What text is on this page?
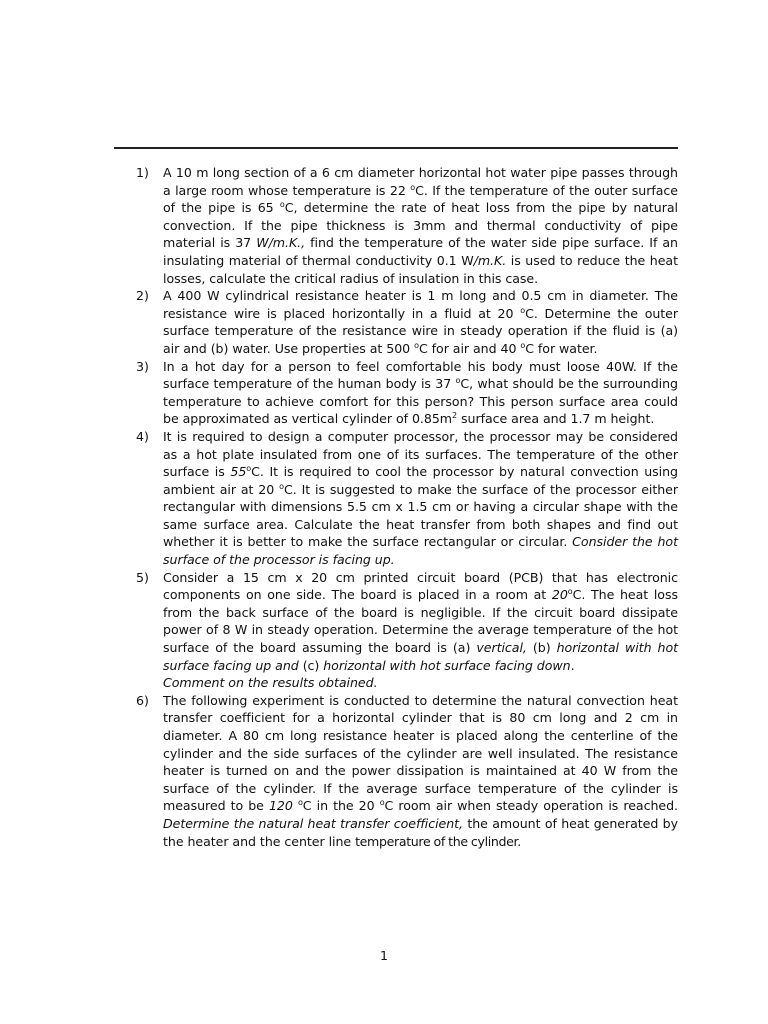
1) A 10 m long section of a 6 cm diameter horizontal hot water pipe passes through a large room whose temperature is 22 $^o$C. If the temperature of the outer surface of the pipe is 65 $^o$C, determine the rate of heat loss from the pipe by natural convection. If the pipe thickness is 3mm and thermal conductivity of pipe material is 37 W/m.K., find the temperature of the water side pipe surface. If an insulating material of thermal conductivity 0.1 W/m.K. is used to reduce the heat losses, calculate the critical radius of insulation in this case.
2) A 400 W cylindrical resistance heater is 1 m long and 0.5 cm in diameter. The resistance wire is placed horizontally in a fluid at 20 $^o$C. Determine the outer surface temperature of the resistance wire in steady operation if the fluid is (a) air and (b) water. Use properties at 500 $^o$C for air and 40 $^o$C for water.
3) In a hot day for a person to feel comfortable his body must loose 40W. If the surface temperature of the human body is 37 $^o$C, what should be the surrounding temperature to achieve comfort for this person? This person surface area could be approximated as vertical cylinder of $0.85m^2$ surface area and 1.7 m height.
4) It is required to design a computer processor, the processor may be considered as a hot plate insulated from one of its surfaces. The temperature of the other surface is 55$^o$C. It is required to cool the processor by natural convection using ambient air at 20 $^o$C. It is suggested to make the surface of the processor either rectangular with dimensions 5.5 cm x 1.5 cm or having a circular shape with the same surface area. Calculate the heat transfer from both shapes and find out whether it is better to make the surface rectangular or circular. Consider the hot surface of the processor is facing up.
5) Consider a 15 cm x 20 cm printed circuit board (PCB) that has electronic components on one side. The board is placed in a room at 20$^o$C. The heat loss from the back surface of the board is negligible. If the circuit board dissipate power of 8 W in steady operation. Determine the average temperature of the hot surface of the board assuming the board is (a) vertical, (b) horizontal with hot surface facing up and (c) horizontal with hot surface facing down.
Comment on the results obtained.
6) The following experiment is conducted to determine the natural convection heat transfer coefficient for a horizontal cylinder that is 80 cm long and 2 cm in diameter. A 80 cm long resistance heater is placed along the centerline of the cylinder and the side surfaces of the cylinder are well insulated. The resistance heater is turned on and the power dissipation is maintained at 40 W from the surface of the cylinder. If the average surface temperature of the cylinder is measured to be 120 $^o$C in the 20 $^o$C room air when steady operation is reached. Determine the natural heat transfer coefficient, the amount of heat generated by the heater and the center line temperature of the cylinder.
1
